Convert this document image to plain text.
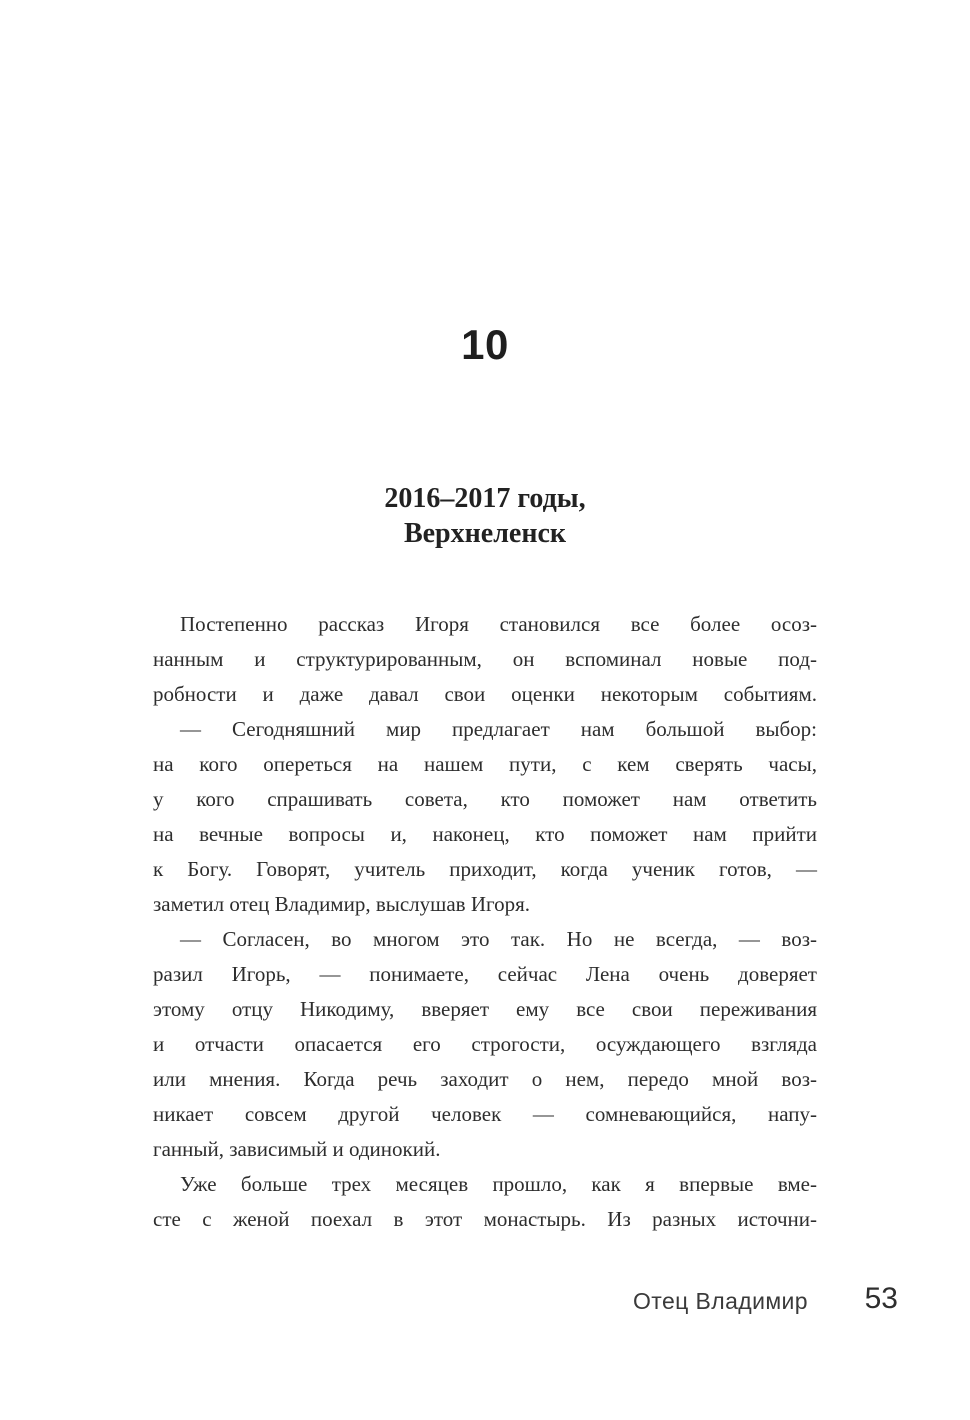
10
2016–2017 годы,
Верхнеленск
Постепенно рассказ Игоря становился все более осоз-
нанным и структурированным, он вспоминал новые под-
робности и даже давал свои оценки некоторым событиям.
— Сегодняшний мир предлагает нам большой выбор:
на кого опереться на нашем пути, с кем сверять часы,
у кого спрашивать совета, кто поможет нам ответить
на вечные вопросы и, наконец, кто поможет нам прийти
к Богу. Говорят, учитель приходит, когда ученик готов, —
заметил отец Владимир, выслушав Игоря.
— Согласен, во многом это так. Но не всегда, — воз-
разил Игорь, — понимаете, сейчас Лена очень доверяет
этому отцу Никодиму, вверяет ему все свои переживания
и отчасти опасается его строгости, осуждающего взгляда
или мнения. Когда речь заходит о нем, передо мной воз-
никает совсем другой человек — сомневающийся, напу-
ганный, зависимый и одинокий.
Уже больше трех месяцев прошло, как я впервые вме-
сте с женой поехал в этот монастырь. Из разных источни-
Отец Владимир 53
